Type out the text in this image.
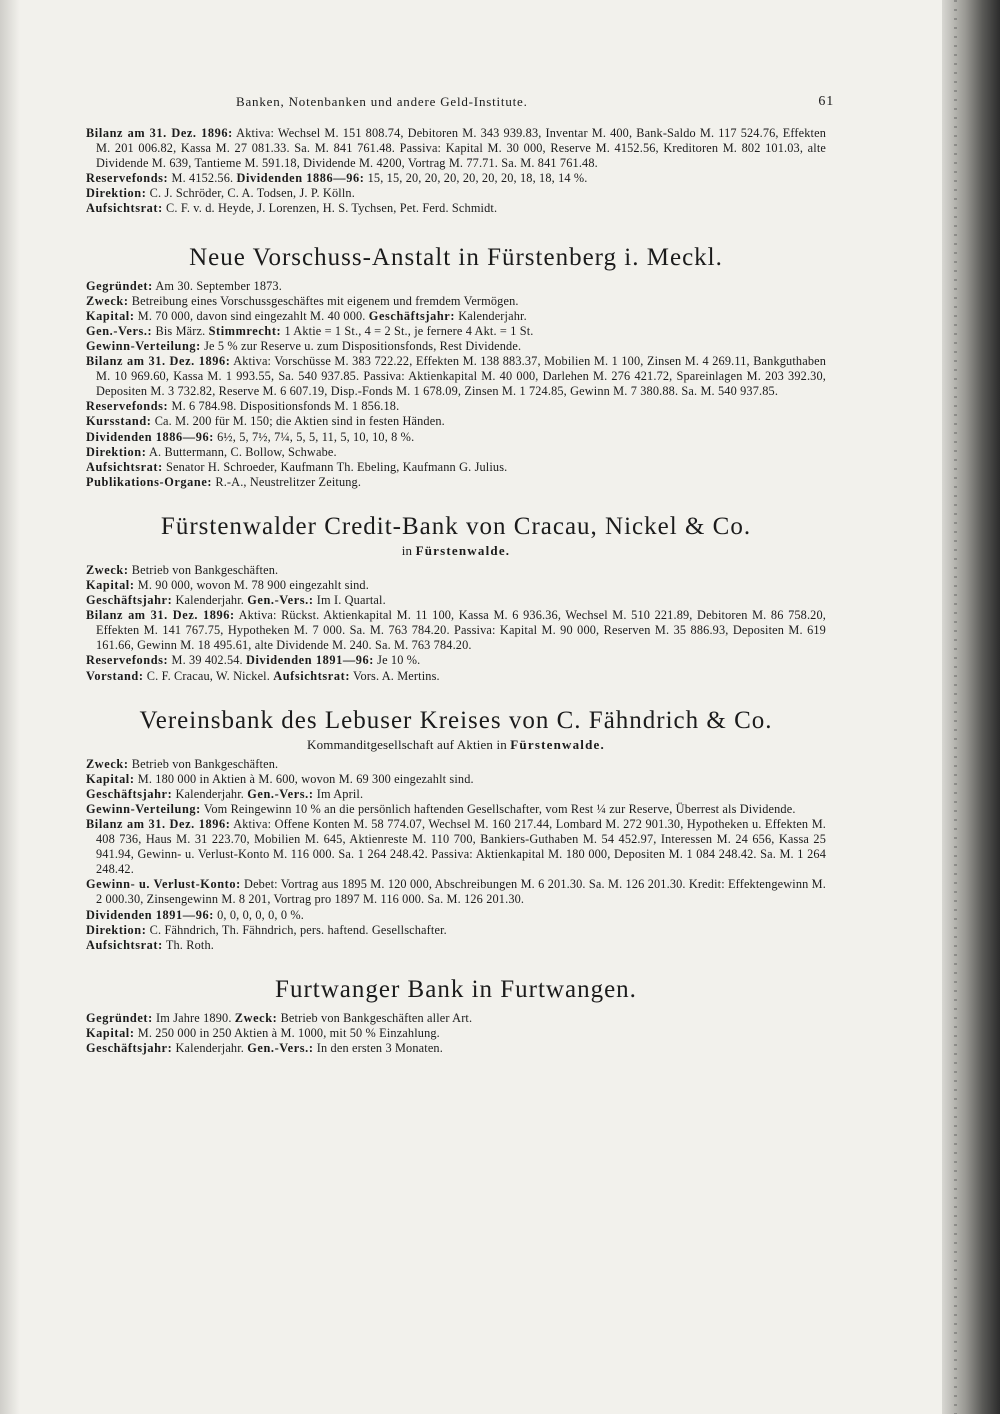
Banken, Notenbanken und andere Geld-Institute.	61

Bilanz am 31. Dez. 1896: Aktiva: Wechsel M. 151 808.74, Debitoren M. 343 939.83, Inventar M. 400, Bank-Saldo M. 117 524.76, Effekten M. 201 006.82, Kassa M. 27 081.33. Sa. M. 841 761.48. Passiva: Kapital M. 30 000, Reserve M. 4152.56, Kreditoren M. 802 101.03, alte Dividende M. 639, Tantieme M. 591.18, Dividende M. 4200, Vortrag M. 77.71. Sa. M. 841 761.48.

Reservefonds: M. 4152.56. Dividenden 1886—96: 15, 15, 20, 20, 20, 20, 20, 20, 18, 18, 14 %.

Direktion: C. J. Schröder, C. A. Todsen, J. P. Kölln.

Aufsichtsrat: C. F. v. d. Heyde, J. Lorenzen, H. S. Tychsen, Pet. Ferd. Schmidt.

Neue Vorschuss-Anstalt in Fürstenberg i. Meckl.

Gegründet: Am 30. September 1873.

Zweck: Betreibung eines Vorschussgeschäftes mit eigenem und fremdem Vermögen.

Kapital: M. 70 000, davon sind eingezahlt M. 40 000. Geschäftsjahr: Kalenderjahr.

Gen.-Vers.: Bis März. Stimmrecht: 1 Aktie = 1 St., 4 = 2 St., je fernere 4 Akt. = 1 St.

Gewinn-Verteilung: Je 5 % zur Reserve u. zum Dispositionsfonds, Rest Dividende.

Bilanz am 31. Dez. 1896: Aktiva: Vorschüsse M. 383 722.22, Effekten M. 138 883.37, Mobilien M. 1 100, Zinsen M. 4 269.11, Bankguthaben M. 10 969.60, Kassa M. 1 993.55, Sa. 540 937.85. Passiva: Aktienkapital M. 40 000, Darlehen M. 276 421.72, Spareinlagen M. 203 392.30, Depositen M. 3 732.82, Reserve M. 6 607.19, Disp.-Fonds M. 1 678.09, Zinsen M. 1 724.85, Gewinn M. 7 380.88. Sa. M. 540 937.85.

Reservefonds: M. 6 784.98. Dispositionsfonds M. 1 856.18.

Kursstand: Ca. M. 200 für M. 150; die Aktien sind in festen Händen.

Dividenden 1886—96: 6½, 5, 7½, 7¼, 5, 5, 11, 5, 10, 10, 8 %.

Direktion: A. Buttermann, C. Bollow, Schwabe.

Aufsichtsrat: Senator H. Schroeder, Kaufmann Th. Ebeling, Kaufmann G. Julius.

Publikations-Organe: R.-A., Neustrelitzer Zeitung.

Fürstenwalder Credit-Bank von Cracau, Nickel & Co.
in Fürstenwalde.

Zweck: Betrieb von Bankgeschäften.

Kapital: M. 90 000, wovon M. 78 900 eingezahlt sind.

Geschäftsjahr: Kalenderjahr. Gen.-Vers.: Im I. Quartal.

Bilanz am 31. Dez. 1896: Aktiva: Rückst. Aktienkapital M. 11 100, Kassa M. 6 936.36, Wechsel M. 510 221.89, Debitoren M. 86 758.20, Effekten M. 141 767.75, Hypotheken M. 7 000. Sa. M. 763 784.20. Passiva: Kapital M. 90 000, Reserven M. 35 886.93, Depositen M. 619 161.66, Gewinn M. 18 495.61, alte Dividende M. 240. Sa. M. 763 784.20.

Reservefonds: M. 39 402.54. Dividenden 1891—96: Je 10 %.

Vorstand: C. F. Cracau, W. Nickel. Aufsichtsrat: Vors. A. Mertins.

Vereinsbank des Lebuser Kreises von C. Fähndrich & Co.
Kommanditgesellschaft auf Aktien in Fürstenwalde.

Zweck: Betrieb von Bankgeschäften.

Kapital: M. 180 000 in Aktien à M. 600, wovon M. 69 300 eingezahlt sind.

Geschäftsjahr: Kalenderjahr. Gen.-Vers.: Im April.

Gewinn-Verteilung: Vom Reingewinn 10 % an die persönlich haftenden Gesellschafter, vom Rest ¼ zur Reserve, Überrest als Dividende.

Bilanz am 31. Dez. 1896: Aktiva: Offene Konten M. 58 774.07, Wechsel M. 160 217.44, Lombard M. 272 901.30, Hypotheken u. Effekten M. 408 736, Haus M. 31 223.70, Mobilien M. 645, Aktienreste M. 110 700, Bankiers-Guthaben M. 54 452.97, Interessen M. 24 656, Kassa 25 941.94, Gewinn- u. Verlust-Konto M. 116 000. Sa. 1 264 248.42. Passiva: Aktienkapital M. 180 000, Depositen M. 1 084 248.42. Sa. M. 1 264 248.42.

Gewinn- u. Verlust-Konto: Debet: Vortrag aus 1895 M. 120 000, Abschreibungen M. 6 201.30. Sa. M. 126 201.30. Kredit: Effektengewinn M. 2 000.30, Zinsengewinn M. 8 201, Vortrag pro 1897 M. 116 000. Sa. M. 126 201.30.

Dividenden 1891—96: 0, 0, 0, 0, 0, 0 %.

Direktion: C. Fähndrich, Th. Fähndrich, pers. haftend. Gesellschafter.

Aufsichtsrat: Th. Roth.

Furtwanger Bank in Furtwangen.

Gegründet: Im Jahre 1890. Zweck: Betrieb von Bankgeschäften aller Art.

Kapital: M. 250 000 in 250 Aktien à M. 1000, mit 50 % Einzahlung.

Geschäftsjahr: Kalenderjahr. Gen.-Vers.: In den ersten 3 Monaten.
